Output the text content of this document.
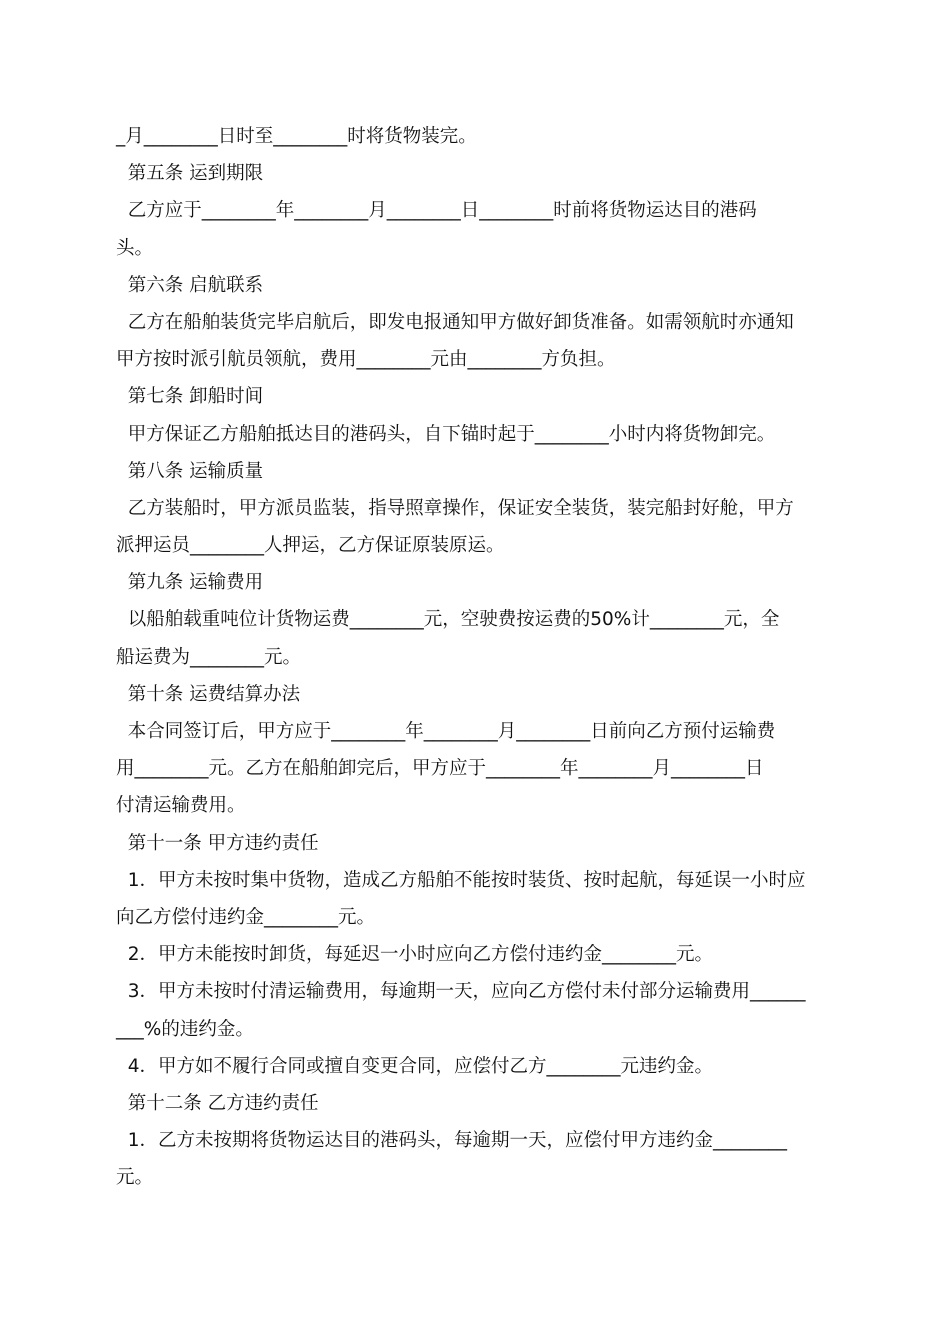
_月________日时至________时将货物装完。
第五条 运到期限
乙方应于________年________月________日________时前将货物运达目的港码
头。
第六条 启航联系
乙方在船舶装货完毕启航后，即发电报通知甲方做好卸货准备。如需领航时亦通知
甲方按时派引航员领航，费用________元由________方负担。
第七条 卸船时间
甲方保证乙方船舶抵达目的港码头，自下锚时起于________小时内将货物卸完。
第八条 运输质量
乙方装船时，甲方派员监装，指导照章操作，保证安全装货，装完船封好舱，甲方
派押运员________人押运，乙方保证原装原运。
第九条 运输费用
以船舶载重吨位计货物运费________元，空驶费按运费的50%计________元，全
船运费为________元。
第十条 运费结算办法
本合同签订后，甲方应于________年________月________日前向乙方预付运输费
用________元。乙方在船舶卸完后，甲方应于________年________月________日
付清运输费用。
第十一条 甲方违约责任
1．甲方未按时集中货物，造成乙方船舶不能按时装货、按时起航，每延误一小时应
向乙方偿付违约金________元。
2．甲方未能按时卸货，每延迟一小时应向乙方偿付违约金________元。
3．甲方未按时付清运输费用，每逾期一天，应向乙方偿付未付部分运输费用______
___%的违约金。
4．甲方如不履行合同或擅自变更合同，应偿付乙方________元违约金。
第十二条 乙方违约责任
1．乙方未按期将货物运达目的港码头，每逾期一天，应偿付甲方违约金________
元。
